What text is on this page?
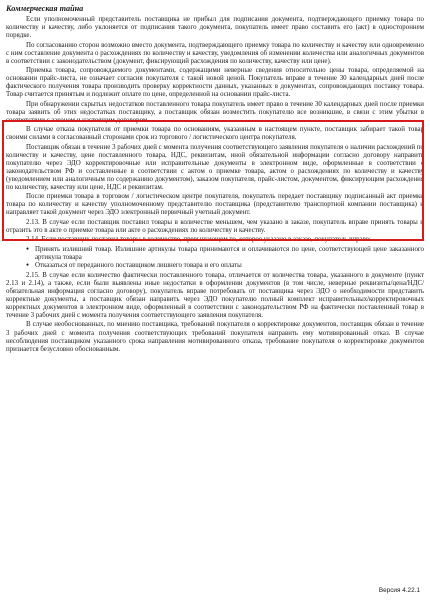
Коммерческая тайна

Если уполномоченный представитель поставщика не прибыл для подписания документа, подтверждающего приемку товара по количеству и качеству, либо уклоняется от подписания такого документа, покупатель имеет право составить его (акт) в одностороннем порядке.

По согласованию сторон возможно вместо документа, подтверждающего приемку товара по количеству и качеству или одновременно с ним составление документа о расхождениях по количеству и качеству, уведомления об изменении количества или аналогичных документов в соответствии с законодательством (документ, фиксирующий расхождения по количеству, качеству или цене).

Приемка товара, сопровождаемого документами, содержащими неверные сведения относительно цены товара, определяемой на основании прайс-листа, не означает согласия покупателя с такой новой ценой. Покупатель вправе в течение 30 календарных дней после фактического получения товара производить проверку корректности данных, указанных в документах, сопровождающих поставку товара. Товар считается принятым и подлежит оплате по цене, определенной на основании прайс-листа.

При обнаружении скрытых недостатков поставленного товара покупатель имеет право в течение 30 календарных дней после приемки товара заявить об этих недостатках поставщику, а поставщик обязан возместить покупателю все возникшие, в связи с этим убытки в соответствии с законом и настоящим договором.

В случае отказа покупателя от приемки товара по основаниям, указанным в настоящем пункте, поставщик забирает такой товар своими силами в согласованный сторонами срок из торгового / логистического центра покупателя.

Поставщик обязан в течение 3 рабочих дней с момента получения соответствующего заявления покупателя о наличии расхождений по количеству и качеству, цене поставленного товара, НДС, реквизитам, иной обязательной информации согласно договору направить покупателю через ЭДО корректировочные или исправительные документы в электронном виде, оформленные в соответствии с законодательством РФ и составленные в соответствии с актом о приемке товара, актом о расхождениях по количеству и качеству (уведомлением или аналогичным по содержанию документом), заказом покупателя, прайс-листом, документом, фиксирующим расхождения по количеству, качеству или цене, НДС и реквизитам.

После приемки товара в торговом / логистическом центре покупателя, покупатель передает поставщику подписанный акт приемки товара по количеству и качеству уполномоченному представителю поставщика (представителю транспортной компании поставщика) и направляет такой документ через ЭДО электронный первичный учетный документ.

2.13. В случае если поставщик поставил товары в количестве меньшем, чем указано в заказе, покупатель вправе принять товары и отразить это в акте о приемке товара или акте о расхождениях по количеству и качеству.

2.14. Если поставщик поставил товары в количестве, превышающем то, которое указано в заказе, покупатель вправе:

● Принять излишний товар. Излишние артикулы товара принимаются и оплачиваются по цене, соответствующей цене заказанного артикула товара
● Отказаться от переданного поставщиком лишнего товара и его оплаты

2.15. В случае если количество фактически поставленного товара, отличается от количества товара, указанного в документе (пункт 2.13 и 2.14), а также, если были выявлены иные недостатки в оформлении документов (в том числе, неверные реквизиты/цена/НДС/обязательная информация согласно договору), покупатель вправе потребовать от поставщика через ЭДО о необходимости представить корректные документы, а поставщик обязан направить через ЭДО покупателю полный комплект исправительных/корректировочных корректных документов в электронном виде, оформленный в соответствии с законодательством РФ на фактически поставленный товар в течение 3 рабочих дней с момента получения соответствующего заявления покупателя.

В случае необоснованных, по мнению поставщика, требований покупателя о корректировке документов, поставщик обязан в течение 3 рабочих дней с момента получения соответствующих требований покупателя направить ему мотивированный отказ. В случае несоблюдения поставщиком указанного срока направления мотивированного отказа, требование покупателя о корректировке документов признается безусловно обоснованным.

Версия 4.22.1
